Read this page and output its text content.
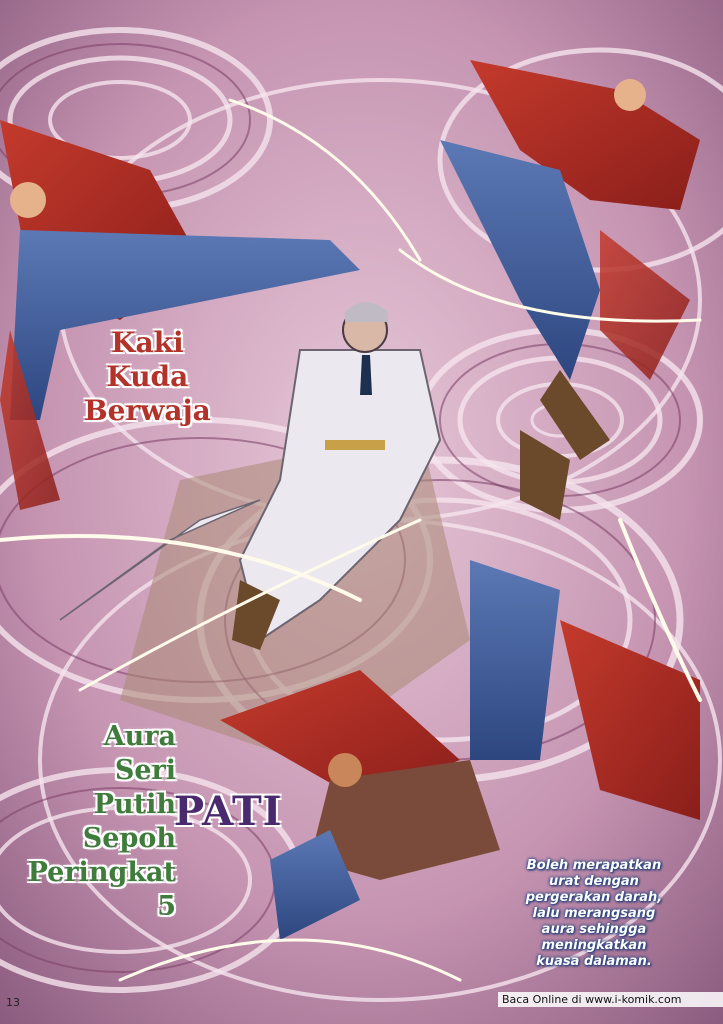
Kaki
Kuda
Berwaja
Aura
Seri
Putih
Sepoh
Peringkat
5
PATI
Boleh merapatkan
urat dengan
pergerakan darah,
lalu merangsang
aura sehingga
meningkatkan
kuasa dalaman.
13	Baca Online di www.i-komik.com
